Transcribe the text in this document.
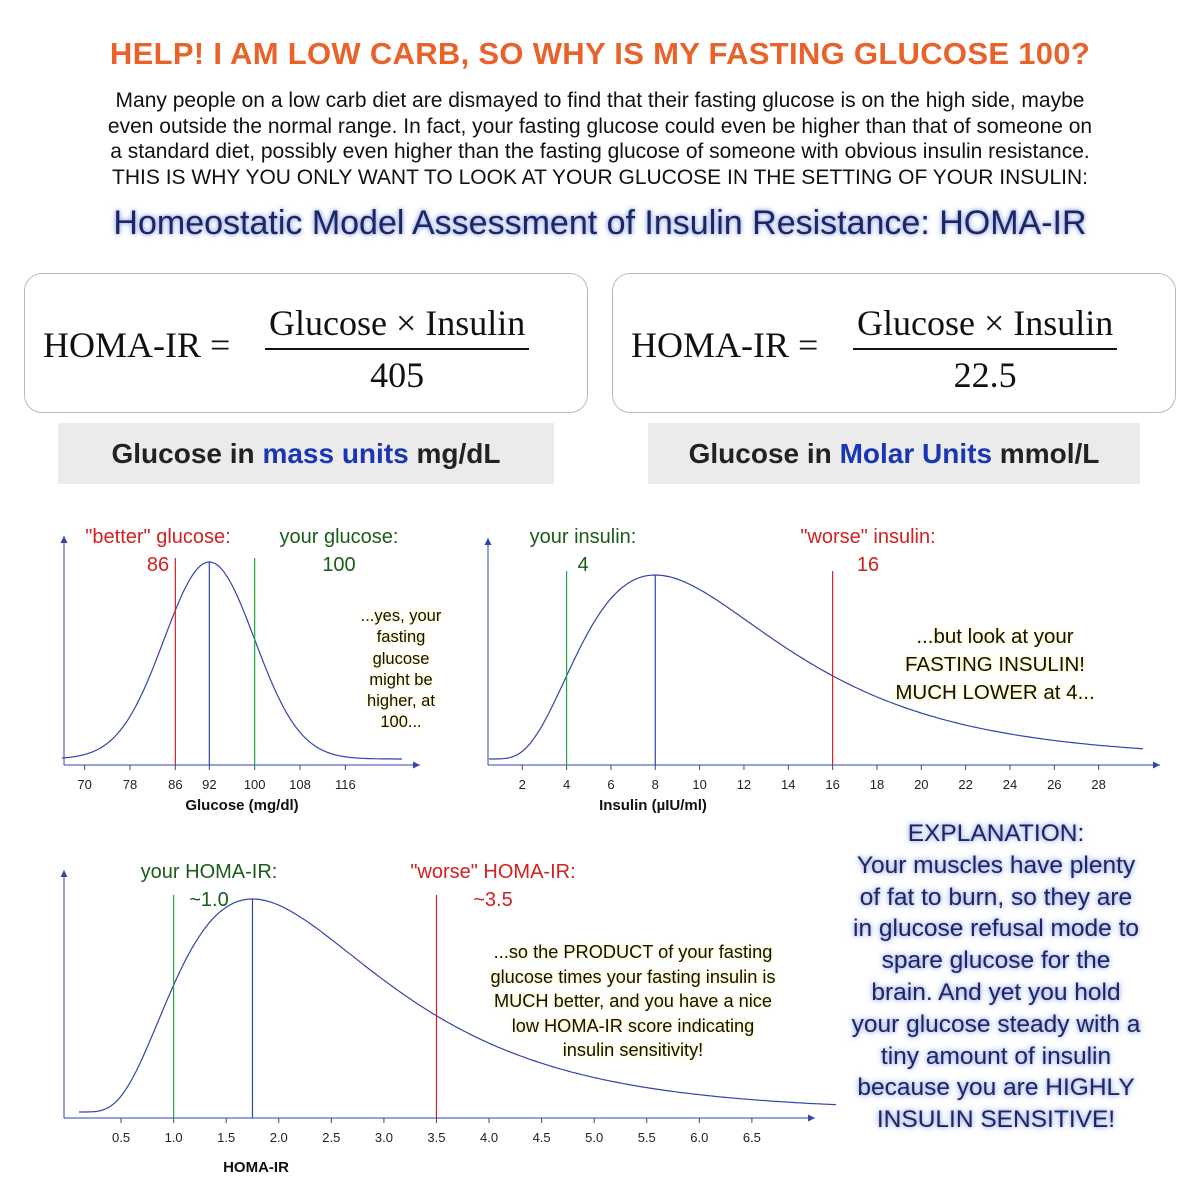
HELP! I AM LOW CARB, SO WHY IS MY FASTING GLUCOSE 100?
Many people on a low carb diet are dismayed to find that their fasting glucose is on the high side, maybe
even outside the normal range. In fact, your fasting glucose could even be higher than that of someone on
a standard diet, possibly even higher than the fasting glucose of someone with obvious insulin resistance.
THIS IS WHY YOU ONLY WANT TO LOOK AT YOUR GLUCOSE IN THE SETTING OF YOUR INSULIN:
Homeostatic Model Assessment of Insulin Resistance: HOMA-IR
HOMA-IR =
Glucose × Insulin
405
HOMA-IR =
Glucose × Insulin
22.5
Glucose in mass units mg/dL	Glucose in Molar Units mmol/L
70 78 86 92 100 108 116
Glucose (mg/dl)
"better" glucose:
86
your glucose:
100
2	4	6	8	10 12 14 16 18 20 22 24 26 28
Insulin (µIU/ml)
your insulin:
4
"worse" insulin:
16
0.5	1.0	1.5	2.0	2.5	3.0	3.5	4.0	4.5	5.0	5.5	6.0	6.5
HOMA-IR
your HOMA-IR:
~1.0
"worse" HOMA-IR:
~3.5
...yes, your
fasting
glucose
might be
higher, at
100...
...but look at your
FASTING INSULIN!
MUCH LOWER at 4...
...so the PRODUCT of your fasting
glucose times your fasting insulin is
MUCH better, and you have a nice
low HOMA-IR score indicating
insulin sensitivity!
EXPLANATION:
Your muscles have plenty
of fat to burn, so they are
in glucose refusal mode to
spare glucose for the
brain. And yet you hold
your glucose steady with a
tiny amount of insulin
because you are HIGHLY
INSULIN SENSITIVE!
